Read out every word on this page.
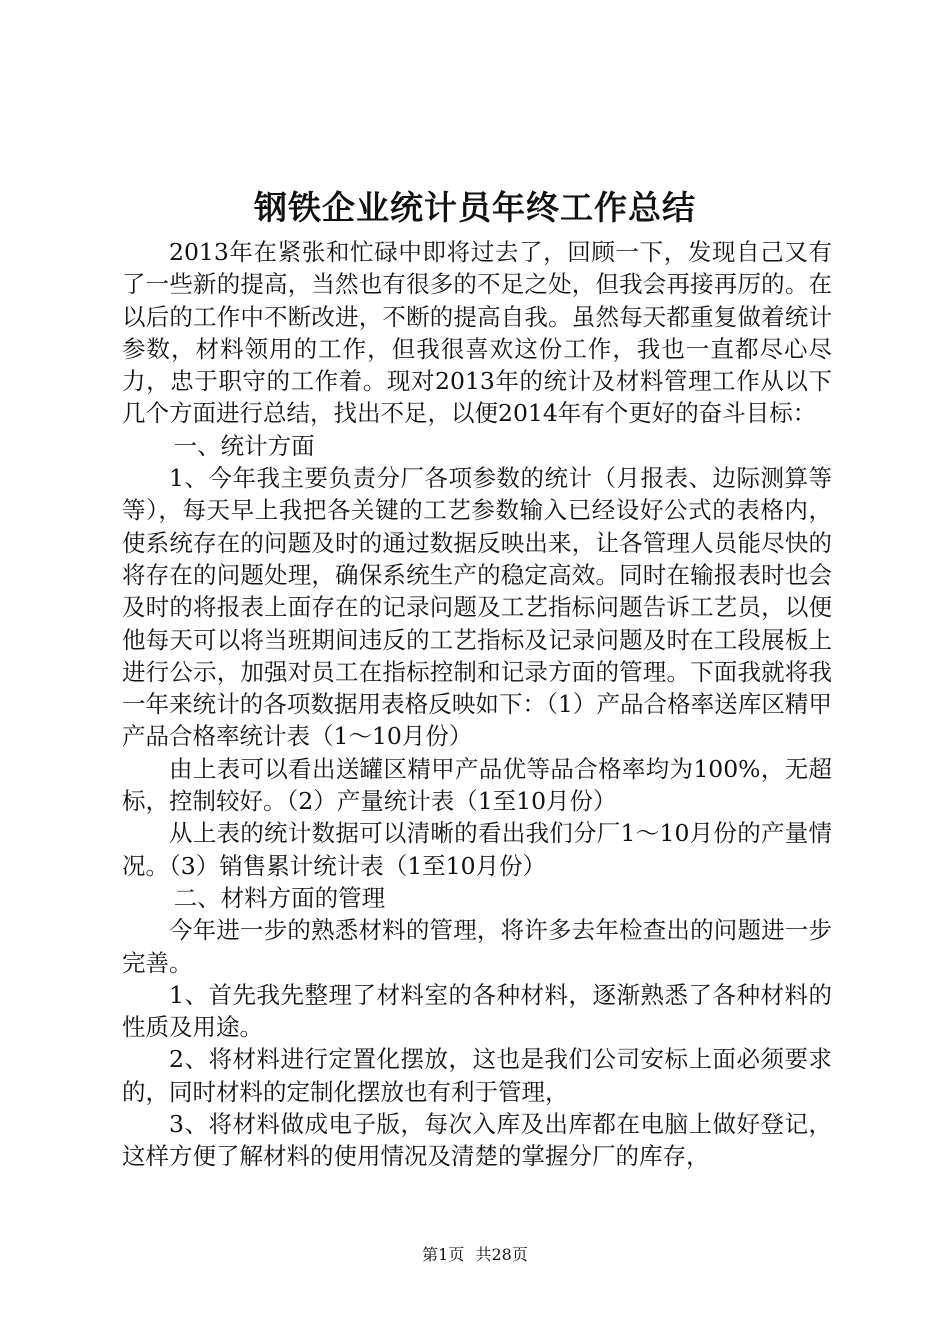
钢铁企业统计员年终工作总结

2013年在紧张和忙碌中即将过去了，回顾一下，发现自己又有了一些新的提高，当然也有很多的不足之处，但我会再接再厉的。在以后的工作中不断改进，不断的提高自我。虽然每天都重复做着统计参数，材料领用的工作，但我很喜欢这份工作，我也一直都尽心尽力，忠于职守的工作着。现对2013年的统计及材料管理工作从以下几个方面进行总结，找出不足，以便2014年有个更好的奋斗目标：

一、统计方面

1、今年我主要负责分厂各项参数的统计（月报表、边际测算等等），每天早上我把各关键的工艺参数输入已经设好公式的表格内，使系统存在的问题及时的通过数据反映出来，让各管理人员能尽快的将存在的问题处理，确保系统生产的稳定高效。同时在输报表时也会及时的将报表上面存在的记录问题及工艺指标问题告诉工艺员，以便他每天可以将当班期间违反的工艺指标及记录问题及时在工段展板上进行公示，加强对员工在指标控制和记录方面的管理。下面我就将我一年来统计的各项数据用表格反映如下：（1）产品合格率送库区精甲产品合格率统计表（1～10月份）

由上表可以看出送罐区精甲产品优等品合格率均为100%，无超标，控制较好。（2）产量统计表（1至10月份）

从上表的统计数据可以清晰的看出我们分厂1～10月份的产量情况。（3）销售累计统计表（1至10月份）

二、材料方面的管理

今年进一步的熟悉材料的管理，将许多去年检查出的问题进一步完善。

1、首先我先整理了材料室的各种材料，逐渐熟悉了各种材料的性质及用途。

2、将材料进行定置化摆放，这也是我们公司安标上面必须要求的，同时材料的定制化摆放也有利于管理，

3、将材料做成电子版，每次入库及出库都在电脑上做好登记，这样方便了解材料的使用情况及清楚的掌握分厂的库存，

第1页 共28页
